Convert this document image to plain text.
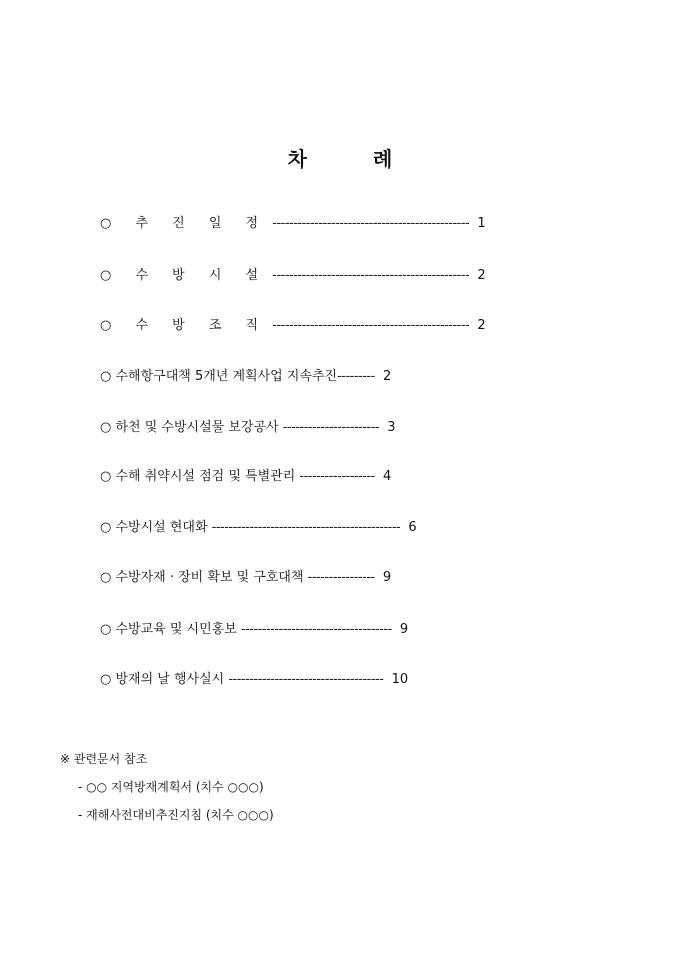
차	례
○ 추 진 일 정 ----------------------------------------------- 1
○ 수 방 시 설 ----------------------------------------------- 2
○ 수 방 조 직 ----------------------------------------------- 2
○ 수해항구대책 5개년 계획사업 지속추진--------- 2
○ 하천 및 수방시설물 보강공사 ----------------------- 3
○ 수해 취약시설 점검 및 특별관리 ------------------ 4
○ 수방시설 현대화 --------------------------------------------- 6
○ 수방자재 · 장비 확보 및 구호대책 ---------------- 9
○ 수방교육 및 시민홍보 ------------------------------------ 9
○ 방재의 날 행사실시 ------------------------------------- 10
※ 관련문서 참조
- ○○ 지역방재계획서 (치수 ○○○)
- 재해사전대비추진지침 (치수 ○○○)
